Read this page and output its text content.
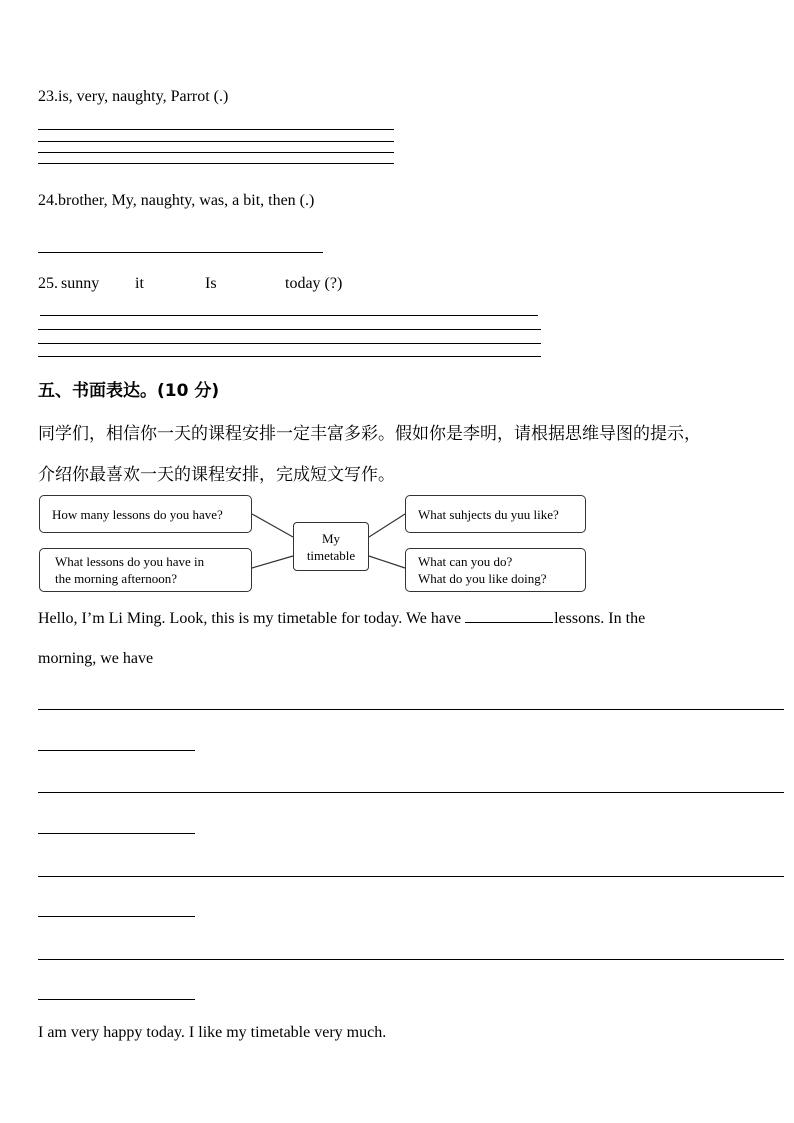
23.is, very, naughty, Parrot (.)
24.brother, My, naughty, was, a bit, then (.)
25. sunny it	Is	today (?)
五、书面表达。(10 分)
同学们，相信你一天的课程安排一定丰富多彩。假如你是李明，请根据思维导图的提示，
介绍你最喜欢一天的课程安排，完成短文写作。
How many lessons do you have?
What lessons do you have in
the morning afternoon?
My
timetable
What suhjects du yuu like?
What can you do?
What do you like doing?
Hello, I’m Li Ming. Look, this is my timetable for today. We have	lessons. In the
morning, we have
I am very happy today. I like my timetable very much.
